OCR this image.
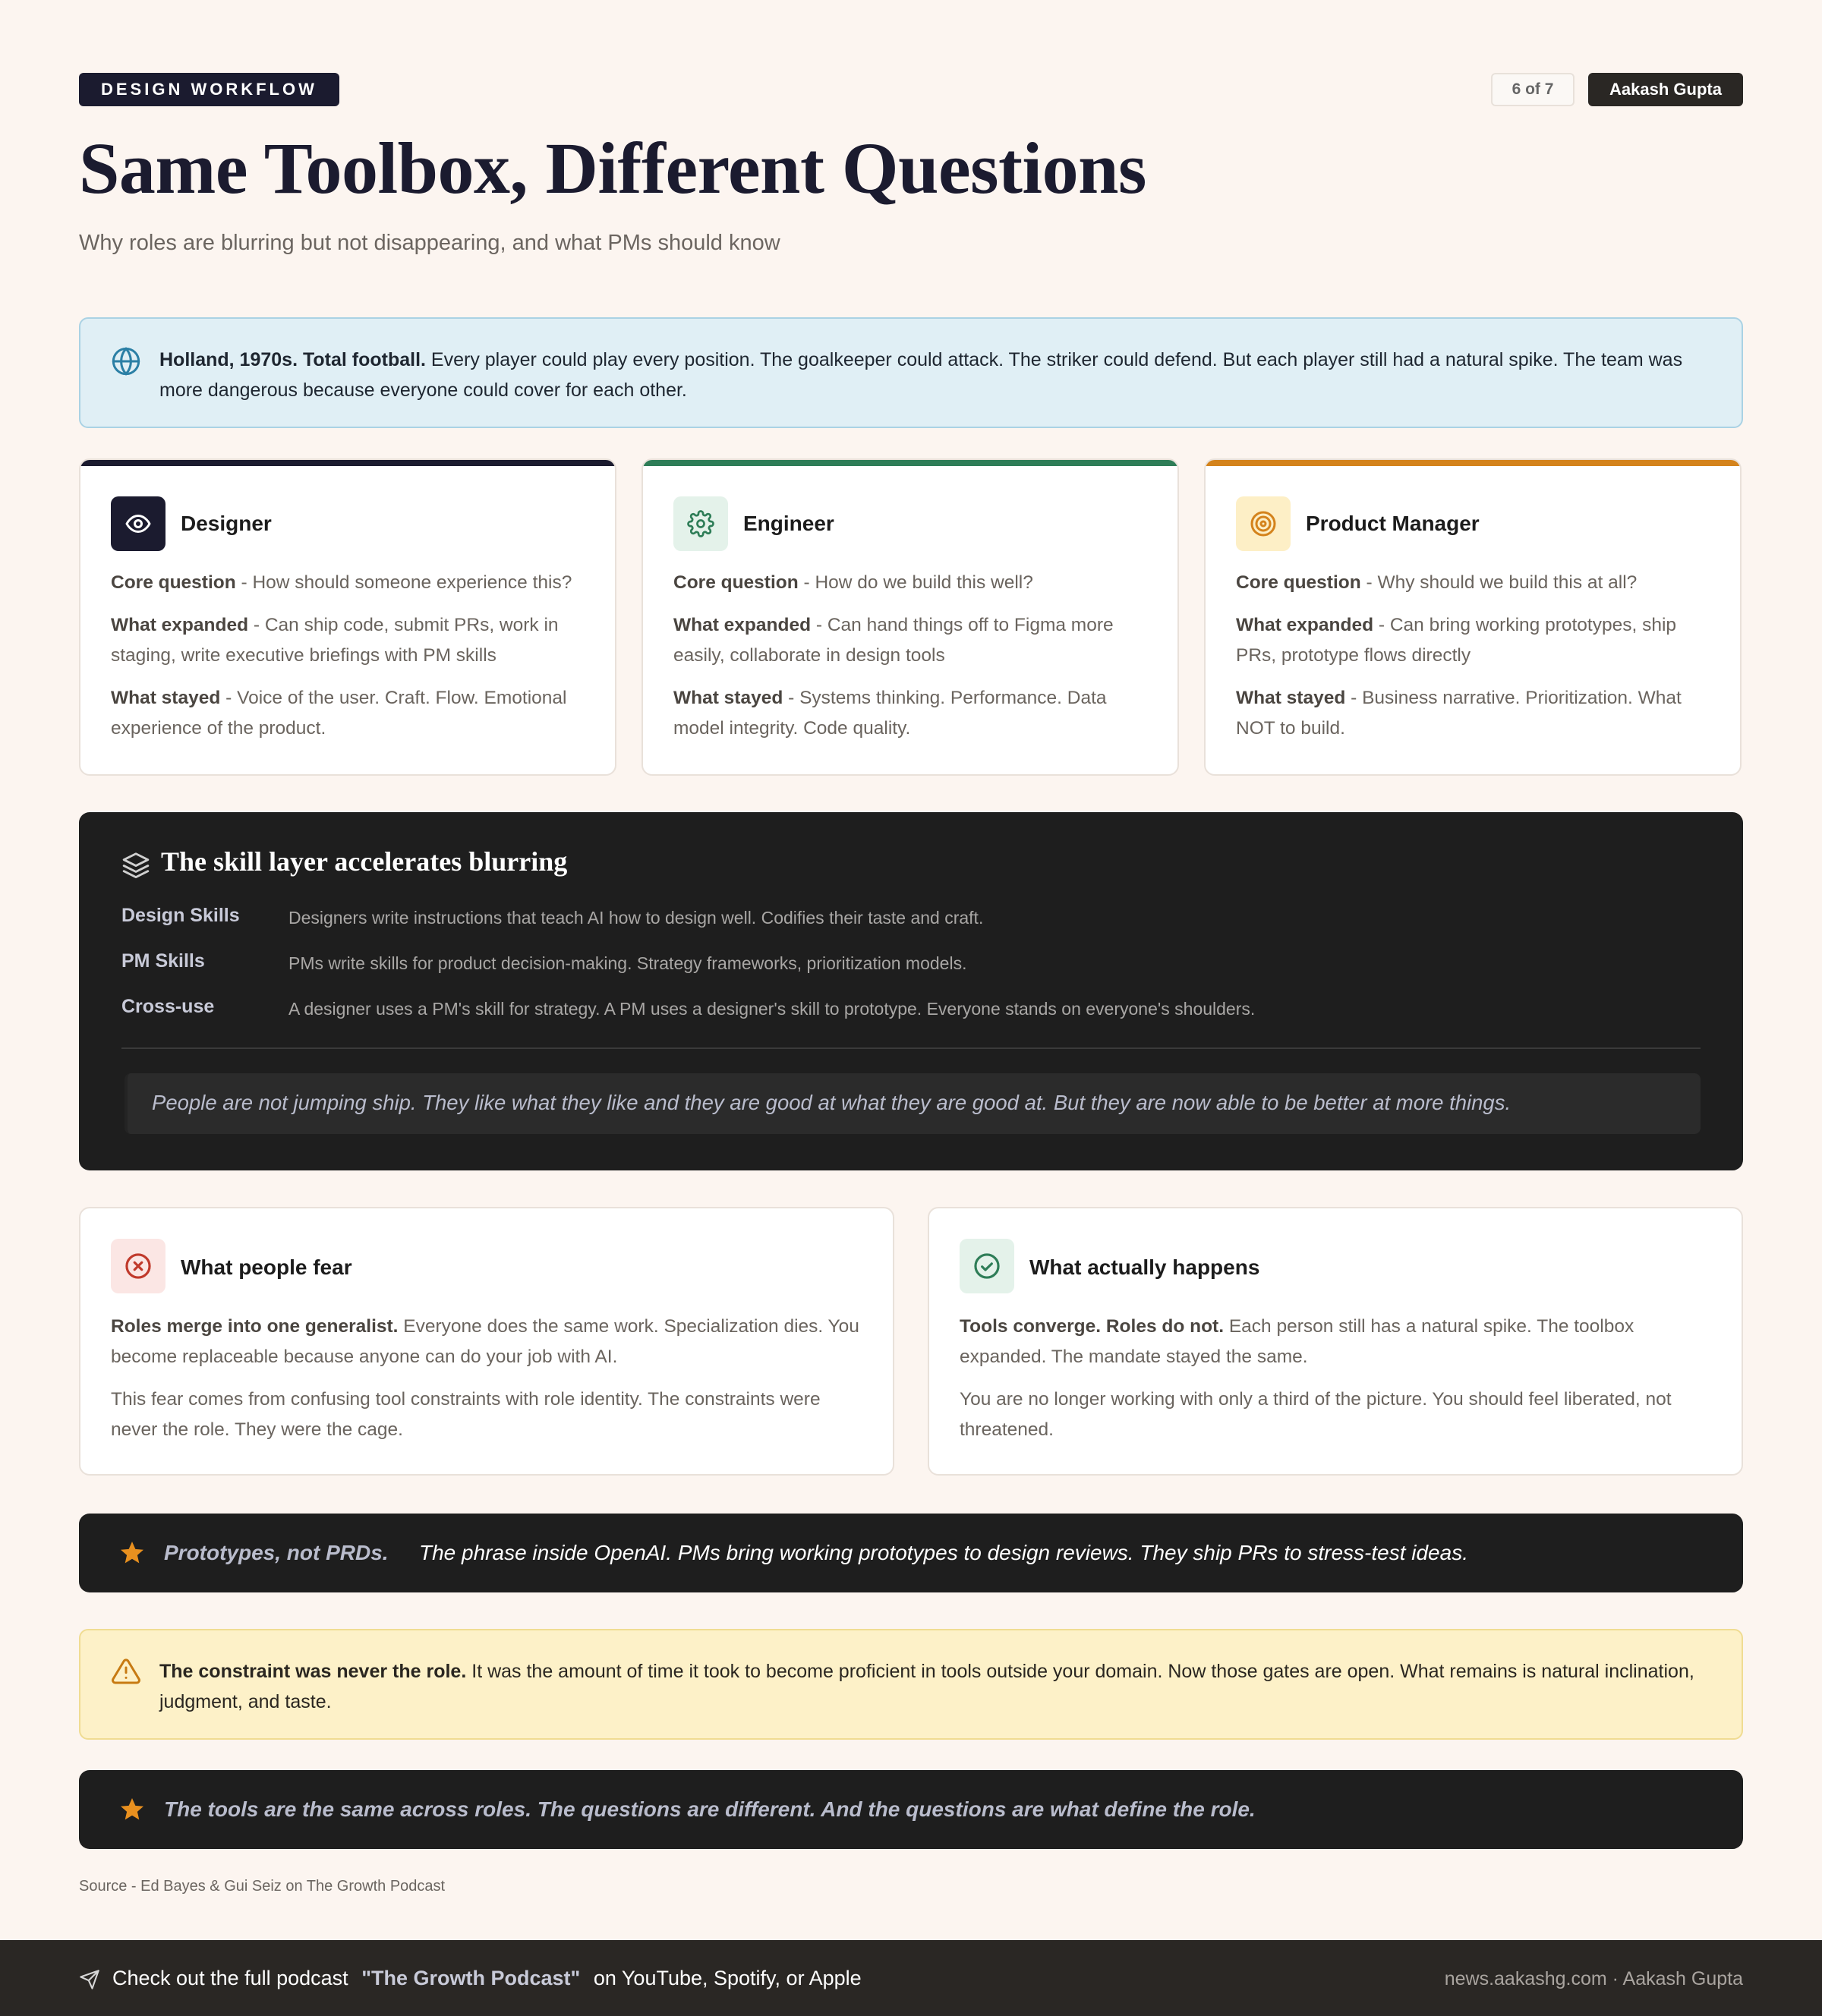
DESIGN WORKFLOW	6 of 7	Aakash Gupta
Same Toolbox, Different Questions
Why roles are blurring but not disappearing, and what PMs should know
Holland, 1970s. Total football. Every player could play every position. The goalkeeper could attack. The striker could defend. But each player still had a natural spike. The team was more dangerous because everyone could cover for each other.
Designer

Core question - How should someone experience this?

What expanded - Can ship code, submit PRs, work in staging, write executive briefings with PM skills

What stayed - Voice of the user. Craft. Flow. Emotional experience of the product.

Engineer

Core question - How do we build this well?

What expanded - Can hand things off to Figma more easily, collaborate in design tools

What stayed - Systems thinking. Performance. Data model integrity. Code quality.

Product Manager

Core question - Why should we build this at all?

What expanded - Can bring working prototypes, ship PRs, prototype flows directly

What stayed - Business narrative. Prioritization. What NOT to build.

The skill layer accelerates blurring
Design Skills	Designers write instructions that teach AI how to design well. Codifies their taste and craft.
PM Skills	PMs write skills for product decision-making. Strategy frameworks, prioritization models.
Cross-use	A designer uses a PM's skill for strategy. A PM uses a designer's skill to prototype. Everyone stands on everyone's shoulders.
People are not jumping ship. They like what they like and they are good at what they are good at. But they are now able to be better at more things.
What people fear

Roles merge into one generalist. Everyone does the same work. Specialization dies. You become replaceable because anyone can do your job with AI.

This fear comes from confusing tool constraints with role identity. The constraints were never the role. They were the cage.

What actually happens

Tools converge. Roles do not. Each person still has a natural spike. The toolbox expanded. The mandate stayed the same.

You are no longer working with only a third of the picture. You should feel liberated, not threatened.

Prototypes, not PRDs. The phrase inside OpenAI. PMs bring working prototypes to design reviews. They ship PRs to stress-test ideas.
The constraint was never the role. It was the amount of time it took to become proficient in tools outside your domain. Now those gates are open. What remains is natural inclination, judgment, and taste.
The tools are the same across roles. The questions are different. And the questions are what define the role.
Source - Ed Bayes & Gui Seiz on The Growth Podcast
Check out the full podcast "The Growth Podcast" on YouTube, Spotify, or Apple	news.aakashg.com · Aakash Gupta
